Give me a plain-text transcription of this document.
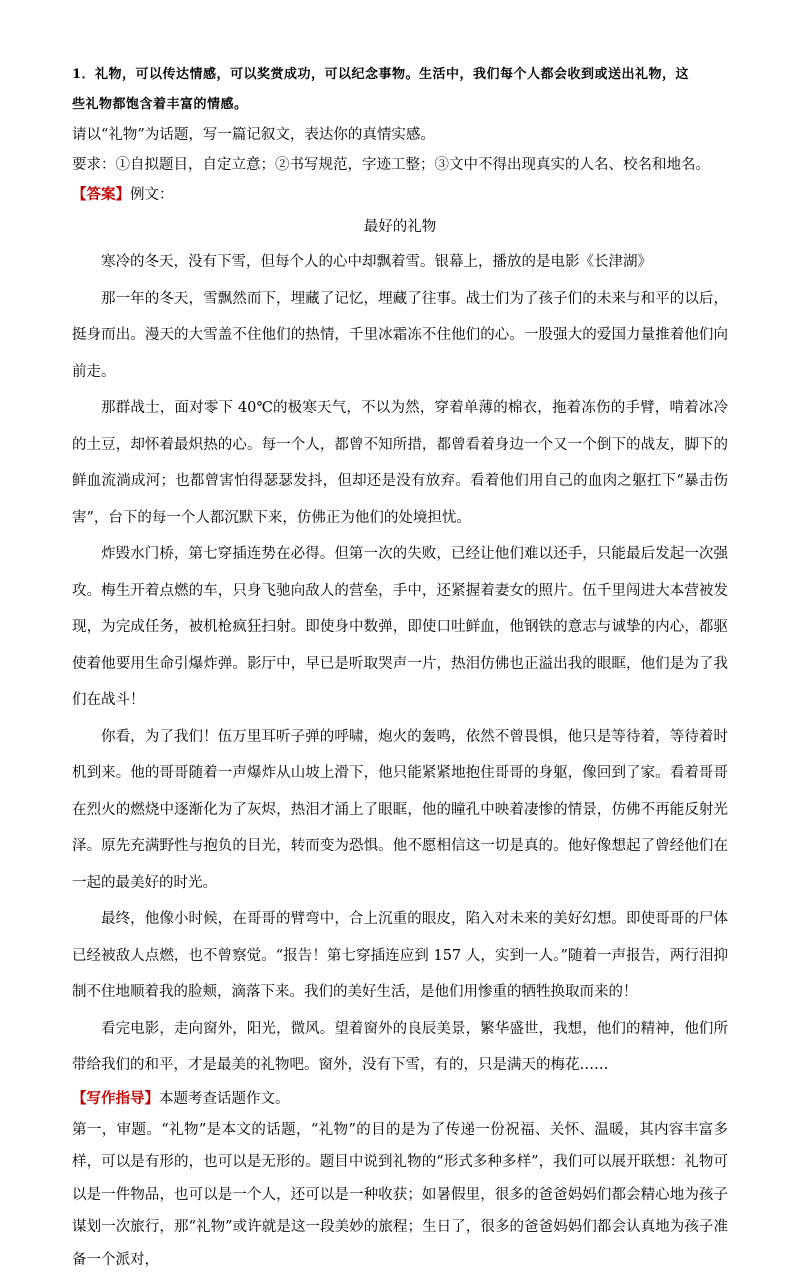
1．礼物，可以传达情感，可以奖赏成功，可以纪念事物。生活中，我们每个人都会收到或送出礼物，这
些礼物都饱含着丰富的情感。
请以“礼物”为话题，写一篇记叙文，表达你的真情实感。
要求：①自拟题目，自定立意；②书写规范，字迹工整；③文中不得出现真实的人名、校名和地名。
【答案】例文：
最好的礼物

寒冷的冬天，没有下雪，但每个人的心中却飘着雪。银幕上，播放的是电影《长津湖》

那一年的冬天，雪飘然而下，埋藏了记忆，埋藏了往事。战士们为了孩子们的未来与和平的以后，挺身而出。漫天的大雪盖不住他们的热情，千里冰霜冻不住他们的心。一股强大的爱国力量推着他们向前走。

那群战士，面对零下 40℃的极寒天气，不以为然，穿着单薄的棉衣，拖着冻伤的手臂，啃着冰冷的土豆，却怀着最炽热的心。每一个人，都曾不知所措，都曾看着身边一个又一个倒下的战友，脚下的鲜血流淌成河；也都曾害怕得瑟瑟发抖，但却还是没有放弃。看着他们用自己的血肉之躯扛下“暴击伤害”，台下的每一个人都沉默下来，仿佛正为他们的处境担忧。

炸毁水门桥，第七穿插连势在必得。但第一次的失败，已经让他们难以还手，只能最后发起一次强攻。梅生开着点燃的车，只身飞驰向敌人的营垒，手中，还紧握着妻女的照片。伍千里闯进大本营被发现，为完成任务，被机枪疯狂扫射。即使身中数弹，即使口吐鲜血，他钢铁的意志与诚挚的内心，都驱使着他要用生命引爆炸弹。影厅中，早已是听取哭声一片，热泪仿佛也正溢出我的眼眶，他们是为了我们在战斗！

你看，为了我们！伍万里耳听子弹的呼啸，炮火的轰鸣，依然不曾畏惧，他只是等待着，等待着时机到来。他的哥哥随着一声爆炸从山坡上滑下，他只能紧紧地抱住哥哥的身躯，像回到了家。看着哥哥在烈火的燃烧中逐渐化为了灰烬，热泪才涌上了眼眶，他的瞳孔中映着凄惨的情景，仿佛不再能反射光泽。原先充满野性与抱负的目光，转而变为恐惧。他不愿相信这一切是真的。他好像想起了曾经他们在一起的最美好的时光。

最终，他像小时候，在哥哥的臂弯中，合上沉重的眼皮，陷入对未来的美好幻想。即使哥哥的尸体已经被敌人点燃，也不曾察觉。“报告！第七穿插连应到 157 人，实到一人。”随着一声报告，两行泪抑制不住地顺着我的脸颊，滴落下来。我们的美好生活，是他们用惨重的牺牲换取而来的！

看完电影，走向窗外，阳光，微风。望着窗外的良辰美景，繁华盛世，我想，他们的精神，他们所带给我们的和平，才是最美的礼物吧。窗外，没有下雪，有的，只是满天的梅花……

【写作指导】本题考查话题作文。

第一，审题。“礼物”是本文的话题，“礼物”的目的是为了传递一份祝福、关怀、温暖，其内容丰富多样，可以是有形的，也可以是无形的。题目中说到礼物的“形式多种多样”，我们可以展开联想：礼物可以是一件物品，也可以是一个人，还可以是一种收获；如暑假里，很多的爸爸妈妈们都会精心地为孩子谋划一次旅行，那“礼物”或许就是这一段美妙的旅程；生日了，很多的爸爸妈妈们都会认真地为孩子准备一个派对，
